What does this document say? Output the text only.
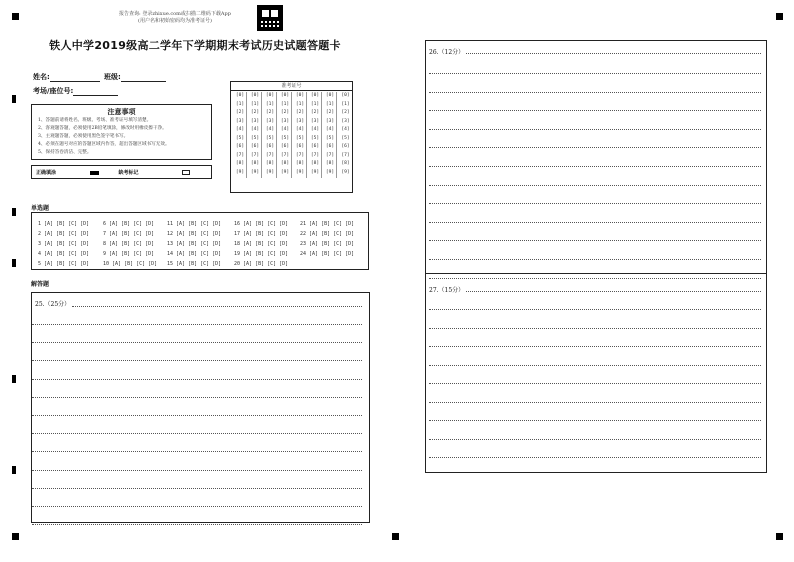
报告查询: 登录zhixue.com或扫描二维码下载App
(用户名和初始密码均为准考证号)
铁人中学2019级高二学年下学期期末考试历史试题答题卡
姓名:	班级:
考场/座位号:
注意事项
1、答题前请将姓名、班级、考场、准考证号填写清楚。
2、客观题答题，必须使用2B铅笔填涂，修改时用橡皮擦干净。
3、主观题答题，必须使用黑色签字笔书写。
4、必须在题号对应的答题区域内作答，超出答题区域书写无效。
5、保持答卷清洁、完整。
正确填涂	缺考标记
准考证号
[0]
[1]
[2]
[3]
[4]
[5]
[6]
[7]
[8]
[9]
[0]
[1]
[2]
[3]
[4]
[5]
[6]
[7]
[8]
[9]
[0]
[1]
[2]
[3]
[4]
[5]
[6]
[7]
[8]
[9]
[0]
[1]
[2]
[3]
[4]
[5]
[6]
[7]
[8]
[9]
[0]
[1]
[2]
[3]
[4]
[5]
[6]
[7]
[8]
[9]
[0]
[1]
[2]
[3]
[4]
[5]
[6]
[7]
[8]
[9]
[0]
[1]
[2]
[3]
[4]
[5]
[6]
[7]
[8]
[9]
[0]
[1]
[2]
[3]
[4]
[5]
[6]
[7]
[8]
[9]
单选题
1 [A] [B] [C] [D]
2 [A] [B] [C] [D]
3 [A] [B] [C] [D]
4 [A] [B] [C] [D]
5 [A] [B] [C] [D]
6 [A] [B] [C] [D]
7 [A] [B] [C] [D]
8 [A] [B] [C] [D]
9 [A] [B] [C] [D]
10 [A] [B] [C] [D]
11 [A] [B] [C] [D]
12 [A] [B] [C] [D]
13 [A] [B] [C] [D]
14 [A] [B] [C] [D]
15 [A] [B] [C] [D]
16 [A] [B] [C] [D]
17 [A] [B] [C] [D]
18 [A] [B] [C] [D]
19 [A] [B] [C] [D]
20 [A] [B] [C] [D]
21 [A] [B] [C] [D]
22 [A] [B] [C] [D]
23 [A] [B] [C] [D]
24 [A] [B] [C] [D]
解答题
25.（25分）
26.（12分）
27.（15分）
